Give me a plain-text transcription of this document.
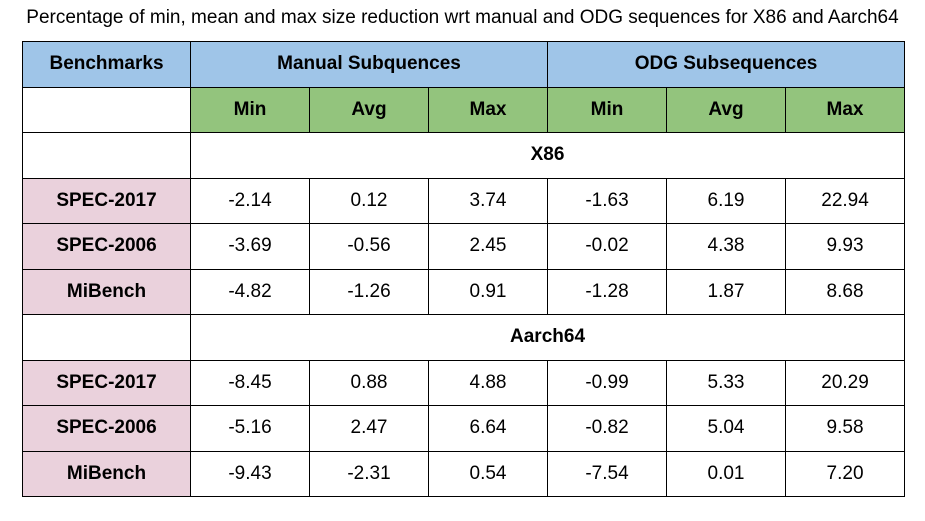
Percentage of min, mean and max size reduction wrt manual and ODG sequences for X86 and Aarch64
Benchmarks	Manual Subquences			ODG Subsequences		
	Min	Avg	Max	Min	Avg	Max
	X86					
SPEC-2017	-2.14	0.12	3.74	-1.63	6.19	22.94
SPEC-2006	-3.69	-0.56	2.45	-0.02	4.38	9.93
MiBench	-4.82	-1.26	0.91	-1.28	1.87	8.68
	Aarch64					
SPEC-2017	-8.45	0.88	4.88	-0.99	5.33	20.29
SPEC-2006	-5.16	2.47	6.64	-0.82	5.04	9.58
MiBench	-9.43	-2.31	0.54	-7.54	0.01	7.20
